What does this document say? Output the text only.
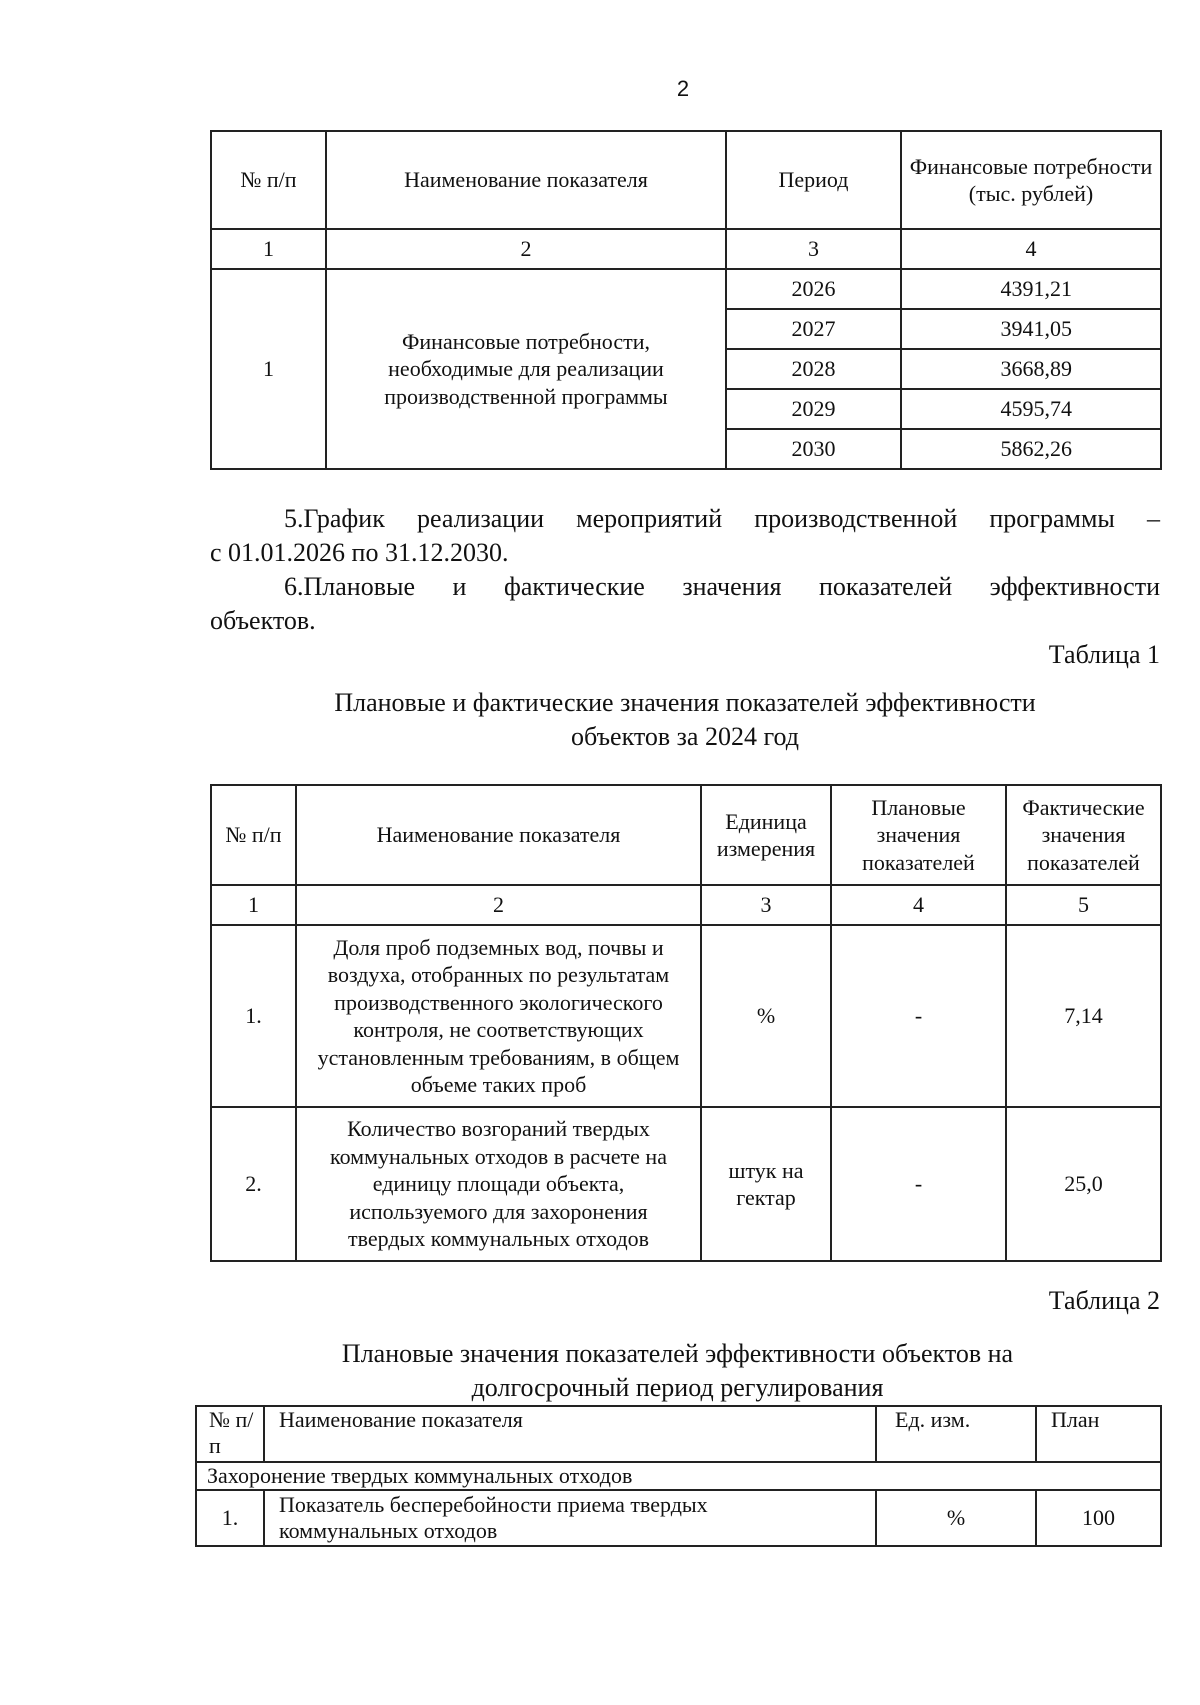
2
№ п/п	Наименование показателя	Период	Финансовые потребности (тыс. рублей)
1	2	3	4
1	Финансовые потребности, необходимые для реализации производственной программы	2026	4391,21
		2027	3941,05
		2028	3668,89
		2029	4595,74
		2030	5862,26
5.График реализации мероприятий производственной программы –
с 01.01.2026 по 31.12.2030.
6.Плановые и фактические значения показателей эффективности
объектов.
Таблица 1
Плановые и фактические значения показателей эффективности
объектов за 2024 год
№ п/п	Наименование показателя	Единица измерения	Плановые значения показателей	Фактические значения показателей
1	2	3	4	5
1.	Доля проб подземных вод, почвы и воздуха, отобранных по результатам производственного экологического контроля, не соответствующих установленным требованиям, в общем объеме таких проб	%	-	7,14
2.	Количество возгораний твердых коммунальных отходов в расчете на единицу площади объекта, используемого для захоронения твердых коммунальных отходов	штук на гектар	-	25,0
Таблица 2
Плановые значения показателей эффективности объектов на
долгосрочный период регулирования
№ п/п	Наименование показателя	Ед. изм.	План
Захоронение твердых коммунальных отходов			
1.	Показатель бесперебойности приема твердых коммунальных отходов	%	100
